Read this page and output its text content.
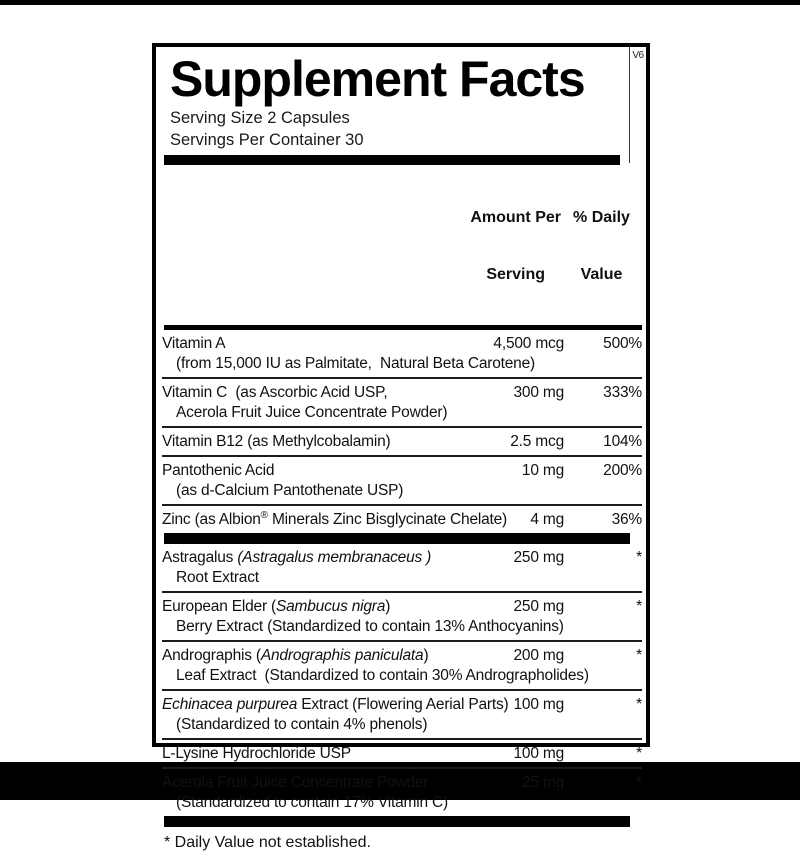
V6
Supplement Facts
Serving Size 2 Capsules
Servings Per Container 30

Amount Per

Serving

% Daily

Value

Vitamin A	4,500 mcg	500%
(from 15,000 IU as Palmitate,  Natural Beta Carotene)
Vitamin C  (as Ascorbic Acid USP,	300 mg	333%
Acerola Fruit Juice Concentrate Powder)
Vitamin B12 (as Methylcobalamin)	2.5 mcg	104%
Pantothenic Acid	10 mg	200%
(as d-Calcium Pantothenate USP)
Zinc (as Albion® Minerals Zinc Bisglycinate Chelate) 4 mg	36%
Astragalus (Astragalus membranaceus )	250 mg	*
Root Extract
European Elder (Sambucus nigra)	250 mg	*
Berry Extract (Standardized to contain 13% Anthocyanins)
Andrographis (Andrographis paniculata)	200 mg	*
Leaf Extract  (Standardized to contain 30% Andrographolides)
Echinacea purpurea Extract (Flowering Aerial Parts) 100 mg	*
(Standardized to contain 4% phenols)
L-Lysine Hydrochloride USP	100 mg	*
Acerola Fruit Juice Concentrate Powder	25 mg	*
(Standardized to contain 17% Vitamin C)
* Daily Value not established.
